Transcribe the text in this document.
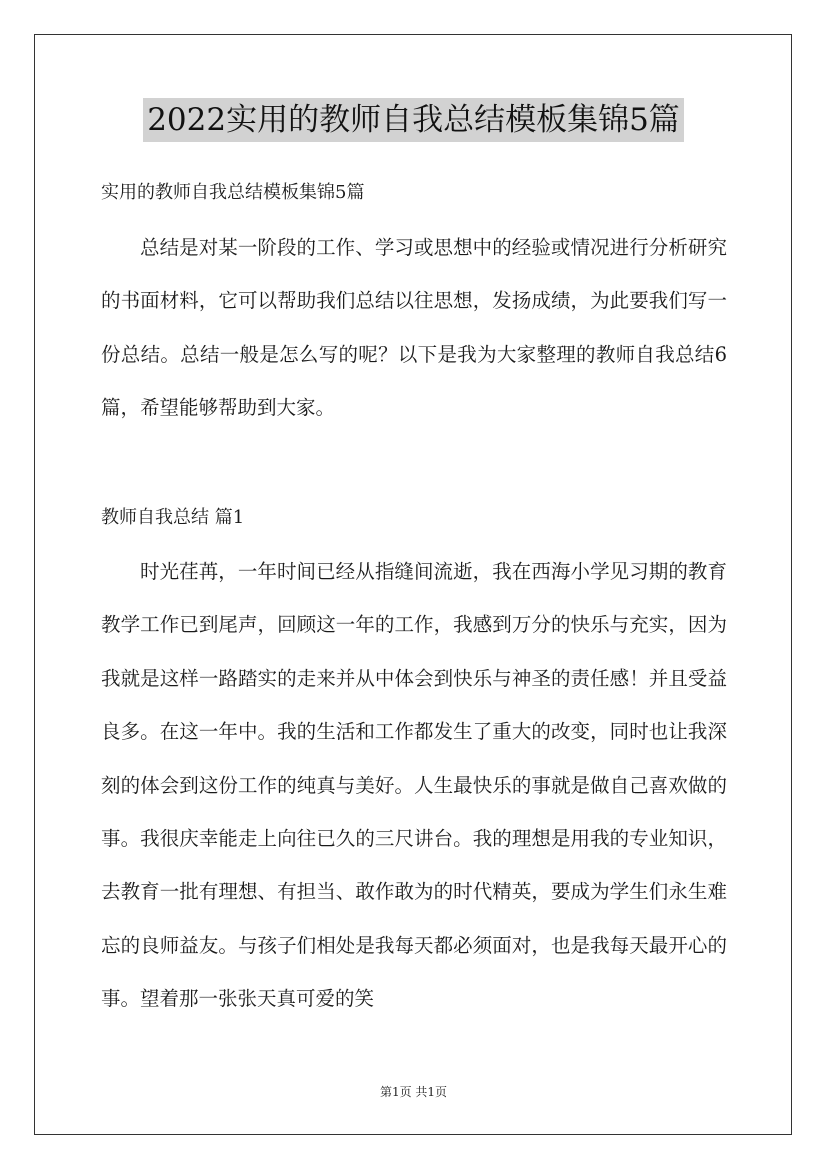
2022实用的教师自我总结模板集锦5篇
实用的教师自我总结模板集锦5篇

总结是对某一阶段的工作、学习或思想中的经验或情况进行分析研究的书面材料，它可以帮助我们总结以往思想，发扬成绩，为此要我们写一份总结。总结一般是怎么写的呢？以下是我为大家整理的教师自我总结6篇，希望能够帮助到大家。

教师自我总结 篇1

时光荏苒，一年时间已经从指缝间流逝，我在西海小学见习期的教育教学工作已到尾声，回顾这一年的工作，我感到万分的快乐与充实，因为我就是这样一路踏实的走来并从中体会到快乐与神圣的责任感！并且受益良多。在这一年中。我的生活和工作都发生了重大的改变，同时也让我深刻的体会到这份工作的纯真与美好。人生最快乐的事就是做自己喜欢做的事。我很庆幸能走上向往已久的三尺讲台。我的理想是用我的专业知识，去教育一批有理想、有担当、敢作敢为的时代精英，要成为学生们永生难忘的良师益友。与孩子们相处是我每天都必须面对，也是我每天最开心的事。望着那一张张天真可爱的笑

第1页 共1页
